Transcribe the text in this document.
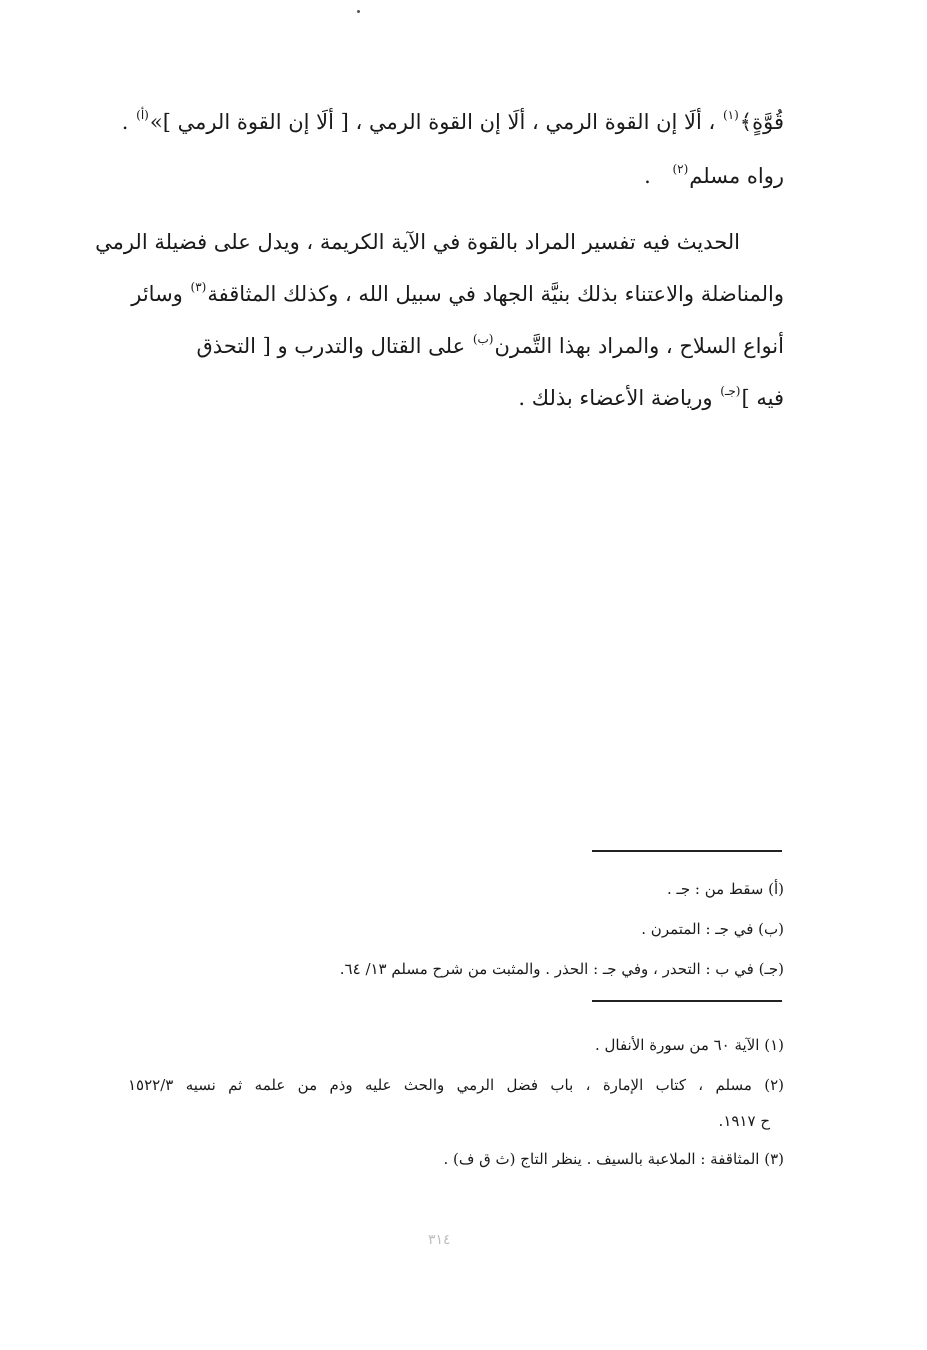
قُوَّةٍ﴾$^{(١)}$ ، ألَا إن القوة الرمي ، ألَا إن القوة الرمي ، [ ألَا إن القوة الرمي ]»$^{(أ)}$ .
رواه مسلم$^{(٢)}$ .
الحديث فيه تفسير المراد بالقوة في الآية الكريمة ، ويدل على فضيلة الرمي
والمناضلة والاعتناء بذلك بنيَّة الجهاد في سبيل الله ، وكذلك المثاقفة$^{(٣)}$ وسائر
أنواع السلاح ، والمراد بهذا التَّمرن$^{(ب)}$ على القتال والتدرب و [ التحذق
فيه ]$^{(جـ)}$ ورياضة الأعضاء بذلك .
(أ) سقط من : جـ .
(ب) في جـ : المتمرن .
(جـ) في ب : التحدر ، وفي جـ : الحذر . والمثبت من شرح مسلم ١٣/ ٦٤.
(١) الآية ٦٠ من سورة الأنفال .
(٢) مسلم ، كتاب الإمارة ، باب فضل الرمي والحث عليه وذم من علمه ثم نسيه ١٥٢٢/٣
ح ١٩١٧.
(٣) المثاقفة : الملاعبة بالسيف . ينظر التاج (ث ق ف) .
٣١٤
